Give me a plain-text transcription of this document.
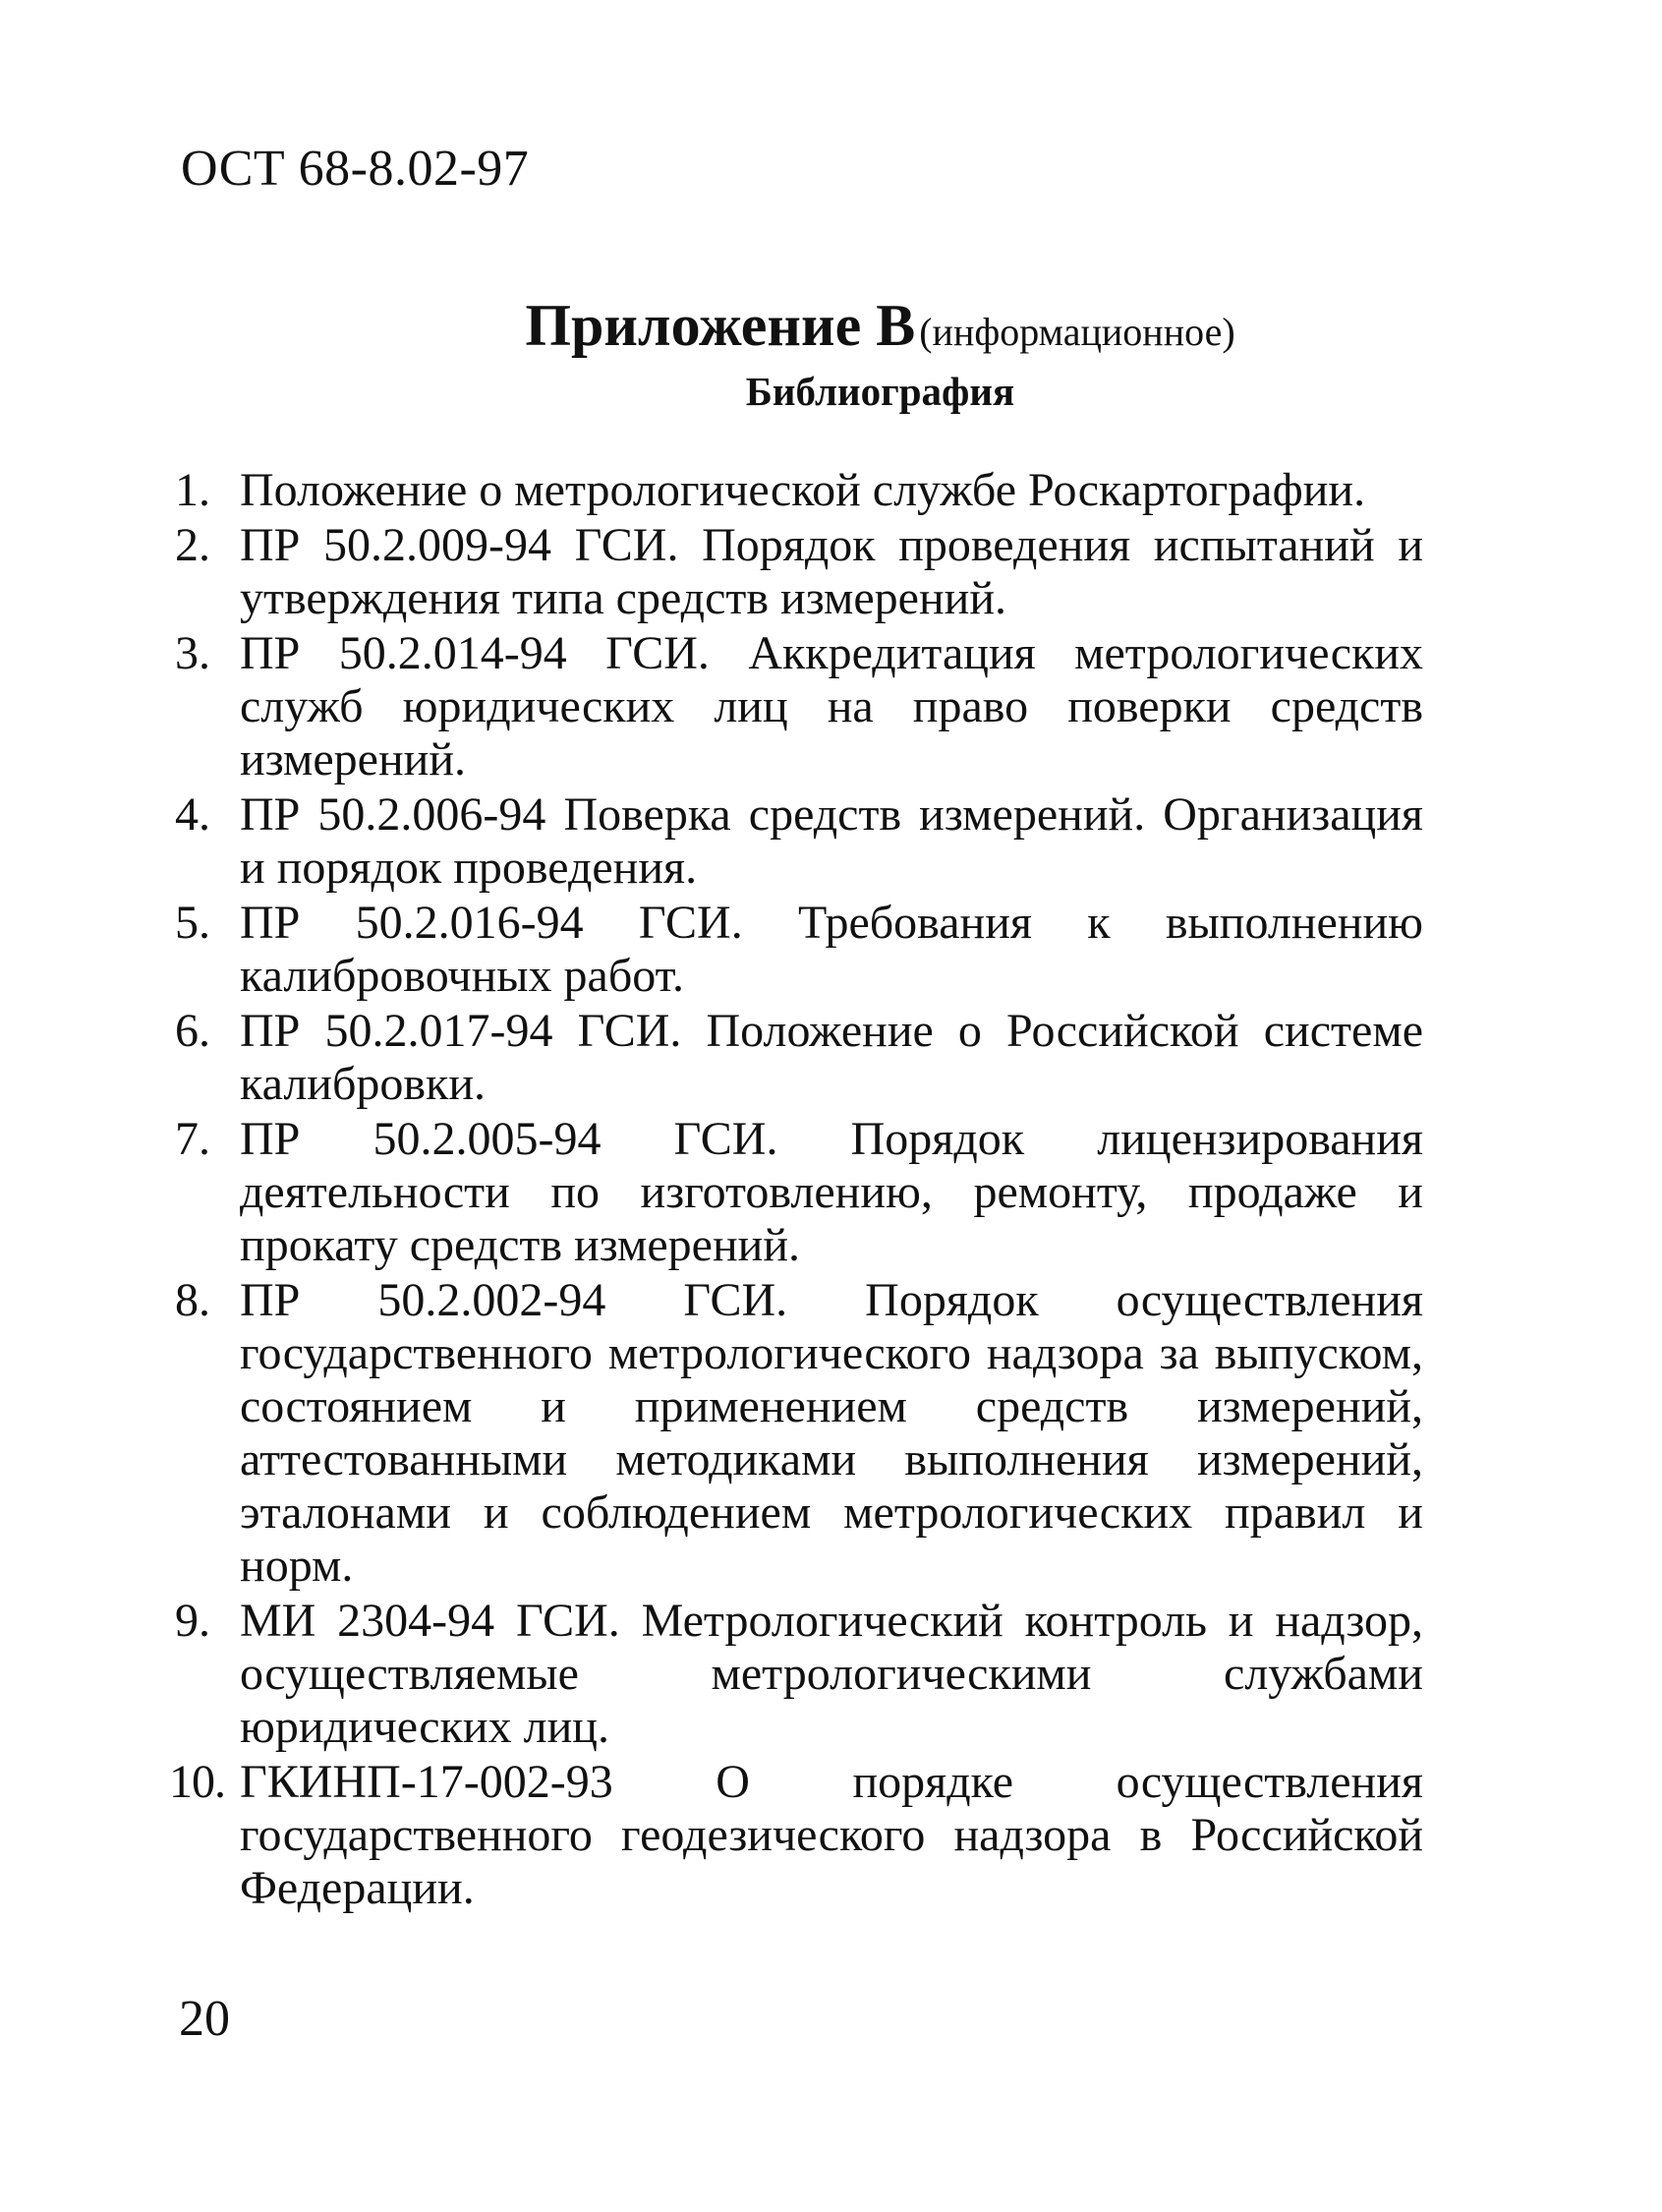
ОСТ 68-8.02-97
Приложение В (информационное)
Библиография
1. Положение о метрологической службе Роскартографии.
2. ПР 50.2.009-94 ГСИ. Порядок проведения испытаний и утверждения типа средств измерений.
3. ПР 50.2.014-94 ГСИ. Аккредитация метрологических служб юридических лиц на право поверки средств измерений.
4. ПР 50.2.006-94 Поверка средств измерений. Организация и порядок проведения.
5. ПР 50.2.016-94 ГСИ. Требования к выполнению калибровочных работ.
6. ПР 50.2.017-94 ГСИ. Положение о Российской системе калибровки.
7. ПР 50.2.005-94 ГСИ. Порядок лицензирования деятельности по изготовлению, ремонту, продаже и прокату средств измерений.
8. ПР 50.2.002-94 ГСИ. Порядок осуществления государственного метрологического надзора за выпуском, состоянием и применением средств измерений, аттестованными методиками выполнения измерений, эталонами и соблюдением метрологических правил и норм.
9. МИ 2304-94 ГСИ. Метрологический контроль и надзор, осуществляемые метрологическими службами юридических лиц.
10. ГКИНП-17-002-93 О порядке осуществления государственного геодезического надзора в Российской Федерации.
20
